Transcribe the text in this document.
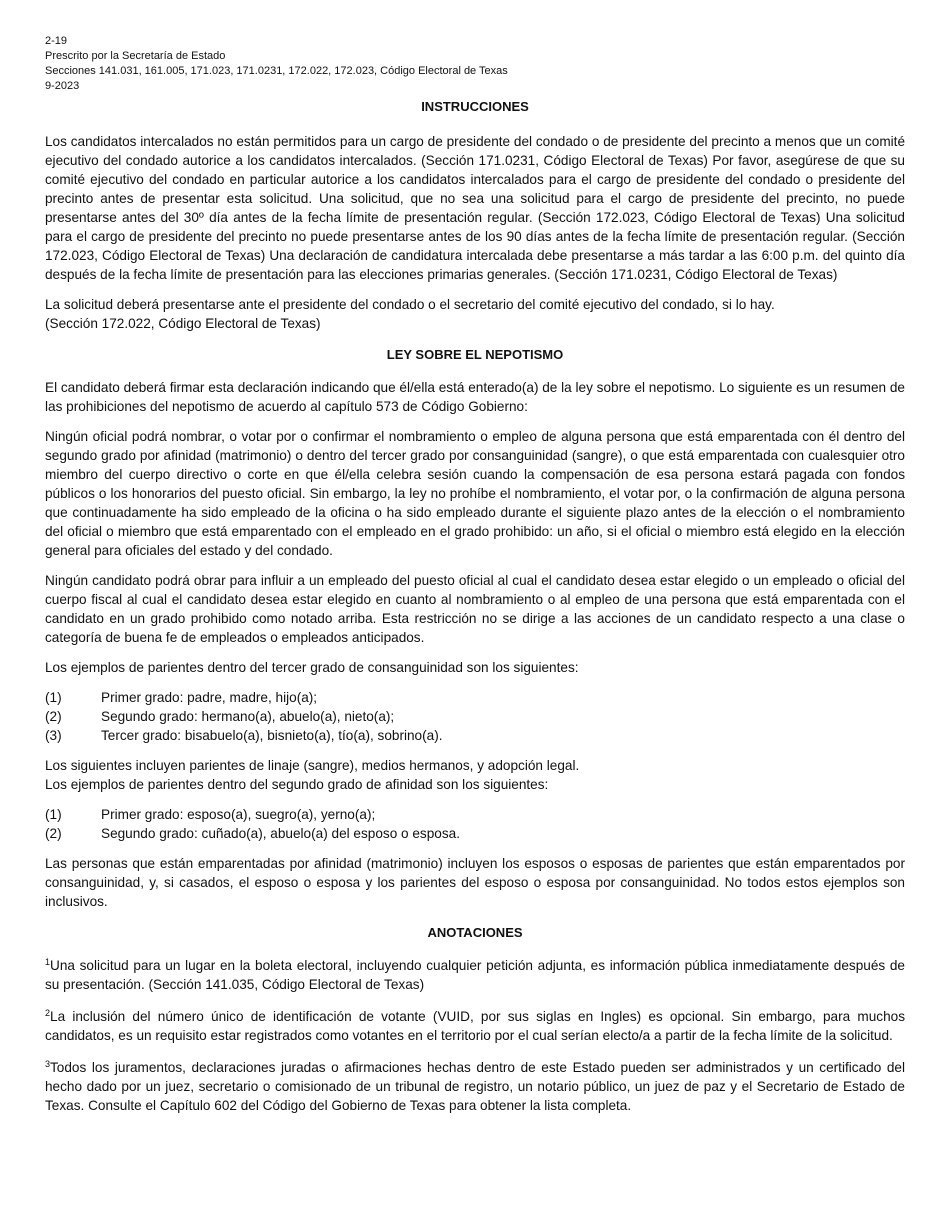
2-19
Prescrito por la Secretaría de Estado
Secciones 141.031, 161.005, 171.023, 171.0231, 172.022, 172.023, Código Electoral de Texas
9-2023
INSTRUCCIONES

Los candidatos intercalados no están permitidos para un cargo de presidente del condado o de presidente del precinto a menos que un comité ejecutivo del condado autorice a los candidatos intercalados. (Sección 171.0231, Código Electoral de Texas) Por favor, asegúrese de que su comité ejecutivo del condado en particular autorice a los candidatos intercalados para el cargo de presidente del condado o presidente del precinto antes de presentar esta solicitud. Una solicitud, que no sea una solicitud para el cargo de presidente del precinto, no puede presentarse antes del 30º día antes de la fecha límite de presentación regular. (Sección 172.023, Código Electoral de Texas) Una solicitud para el cargo de presidente del precinto no puede presentarse antes de los 90 días antes de la fecha límite de presentación regular. (Sección 172.023, Código Electoral de Texas) Una declaración de candidatura intercalada debe presentarse a más tardar a las 6:00 p.m. del quinto día después de la fecha límite de presentación para las elecciones primarias generales. (Sección 171.0231, Código Electoral de Texas)

La solicitud deberá presentarse ante el presidente del condado o el secretario del comité ejecutivo del condado, si lo hay.
(Sección 172.022, Código Electoral de Texas)

LEY SOBRE EL NEPOTISMO

El candidato deberá firmar esta declaración indicando que él/ella está enterado(a) de la ley sobre el nepotismo. Lo siguiente es un resumen de las prohibiciones del nepotismo de acuerdo al capítulo 573 de Código Gobierno:

Ningún oficial podrá nombrar, o votar por o confirmar el nombramiento o empleo de alguna persona que está emparentada con él dentro del segundo grado por afinidad (matrimonio) o dentro del tercer grado por consanguinidad (sangre), o que está emparentada con cualesquier otro miembro del cuerpo directivo o corte en que él/ella celebra sesión cuando la compensación de esa persona estará pagada con fondos públicos o los honorarios del puesto oficial. Sin embargo, la ley no prohíbe el nombramiento, el votar por, o la confirmación de alguna persona que continuadamente ha sido empleado de la oficina o ha sido empleado durante el siguiente plazo antes de la elección o el nombramiento del oficial o miembro que está emparentado con el empleado en el grado prohibido: un año, si el oficial o miembro está elegido en la elección general para oficiales del estado y del condado.

Ningún candidato podrá obrar para influir a un empleado del puesto oficial al cual el candidato desea estar elegido o un empleado o oficial del cuerpo fiscal al cual el candidato desea estar elegido en cuanto al nombramiento o al empleo de una persona que está emparentada con el candidato en un grado prohibido como notado arriba. Esta restricción no se dirige a las acciones de un candidato respecto a una clase o categoría de buena fe de empleados o empleados anticipados.

Los ejemplos de parientes dentro del tercer grado de consanguinidad son los siguientes:

(1)	Primer grado: padre, madre, hijo(a);
(2)	Segundo grado: hermano(a), abuelo(a), nieto(a);
(3)	Tercer grado: bisabuelo(a), bisnieto(a), tío(a), sobrino(a).

Los siguientes incluyen parientes de linaje (sangre), medios hermanos, y adopción legal.
Los ejemplos de parientes dentro del segundo grado de afinidad son los siguientes:

(1)	Primer grado: esposo(a), suegro(a), yerno(a);
(2)	Segundo grado: cuñado(a), abuelo(a) del esposo o esposa.

Las personas que están emparentadas por afinidad (matrimonio) incluyen los esposos o esposas de parientes que están emparentados por consanguinidad, y, si casados, el esposo o esposa y los parientes del esposo o esposa por consanguinidad. No todos estos ejemplos son inclusivos.

ANOTACIONES
$^1$Una solicitud para un lugar en la boleta electoral, incluyendo cualquier petición adjunta, es información pública inmediatamente después de su presentación. (Sección 141.035, Código Electoral de Texas)
$^2$La inclusión del número único de identificación de votante (VUID, por sus siglas en Ingles) es opcional. Sin embargo, para muchos candidatos, es un requisito estar registrados como votantes en el territorio por el cual serían electo/a a partir de la fecha límite de la solicitud.
$^3$Todos los juramentos, declaraciones juradas o afirmaciones hechas dentro de este Estado pueden ser administrados y un certificado del hecho dado por un juez, secretario o comisionado de un tribunal de registro, un notario público, un juez de paz y el Secretario de Estado de Texas. Consulte el Capítulo 602 del Código del Gobierno de Texas para obtener la lista completa.
